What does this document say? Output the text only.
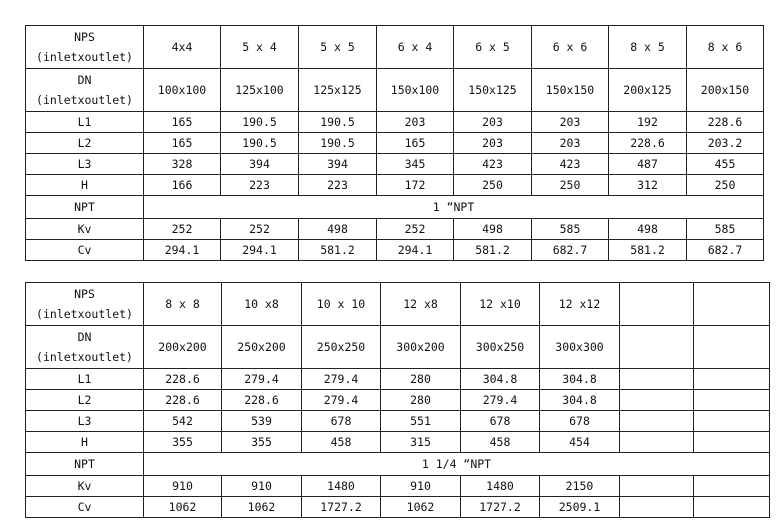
NPS
(inletxoutlet)	4x4	5 x 4	5 x 5	6 x 4	6 x 5	6 x 6	8 x 5	8 x 6
DN
(inletxoutlet)	100x100	125x100	125x125	150x100	150x125	150x150	200x125	200x150
L1	165	190.5	190.5	203	203	203	192	228.6
L2	165	190.5	190.5	165	203	203	228.6	203.2
L3	328	394	394	345	423	423	487	455
H	166	223	223	172	250	250	312	250
NPT	1 “NPT							
Kv	252	252	498	252	498	585	498	585
Cv	294.1	294.1	581.2	294.1	581.2	682.7	581.2	682.7
NPS
(inletxoutlet)	8 x 8	10 x8	10 x 10	12 x8	12 x10	12 x12		
DN
(inletxoutlet)	200x200	250x200	250x250	300x200	300x250	300x300		
L1	228.6	279.4	279.4	280	304.8	304.8		
L2	228.6	228.6	279.4	280	279.4	304.8		
L3	542	539	678	551	678	678		
H	355	355	458	315	458	454		
NPT	1 1/4 “NPT							
Kv	910	910	1480	910	1480	2150		
Cv	1062	1062	1727.2	1062	1727.2	2509.1		
